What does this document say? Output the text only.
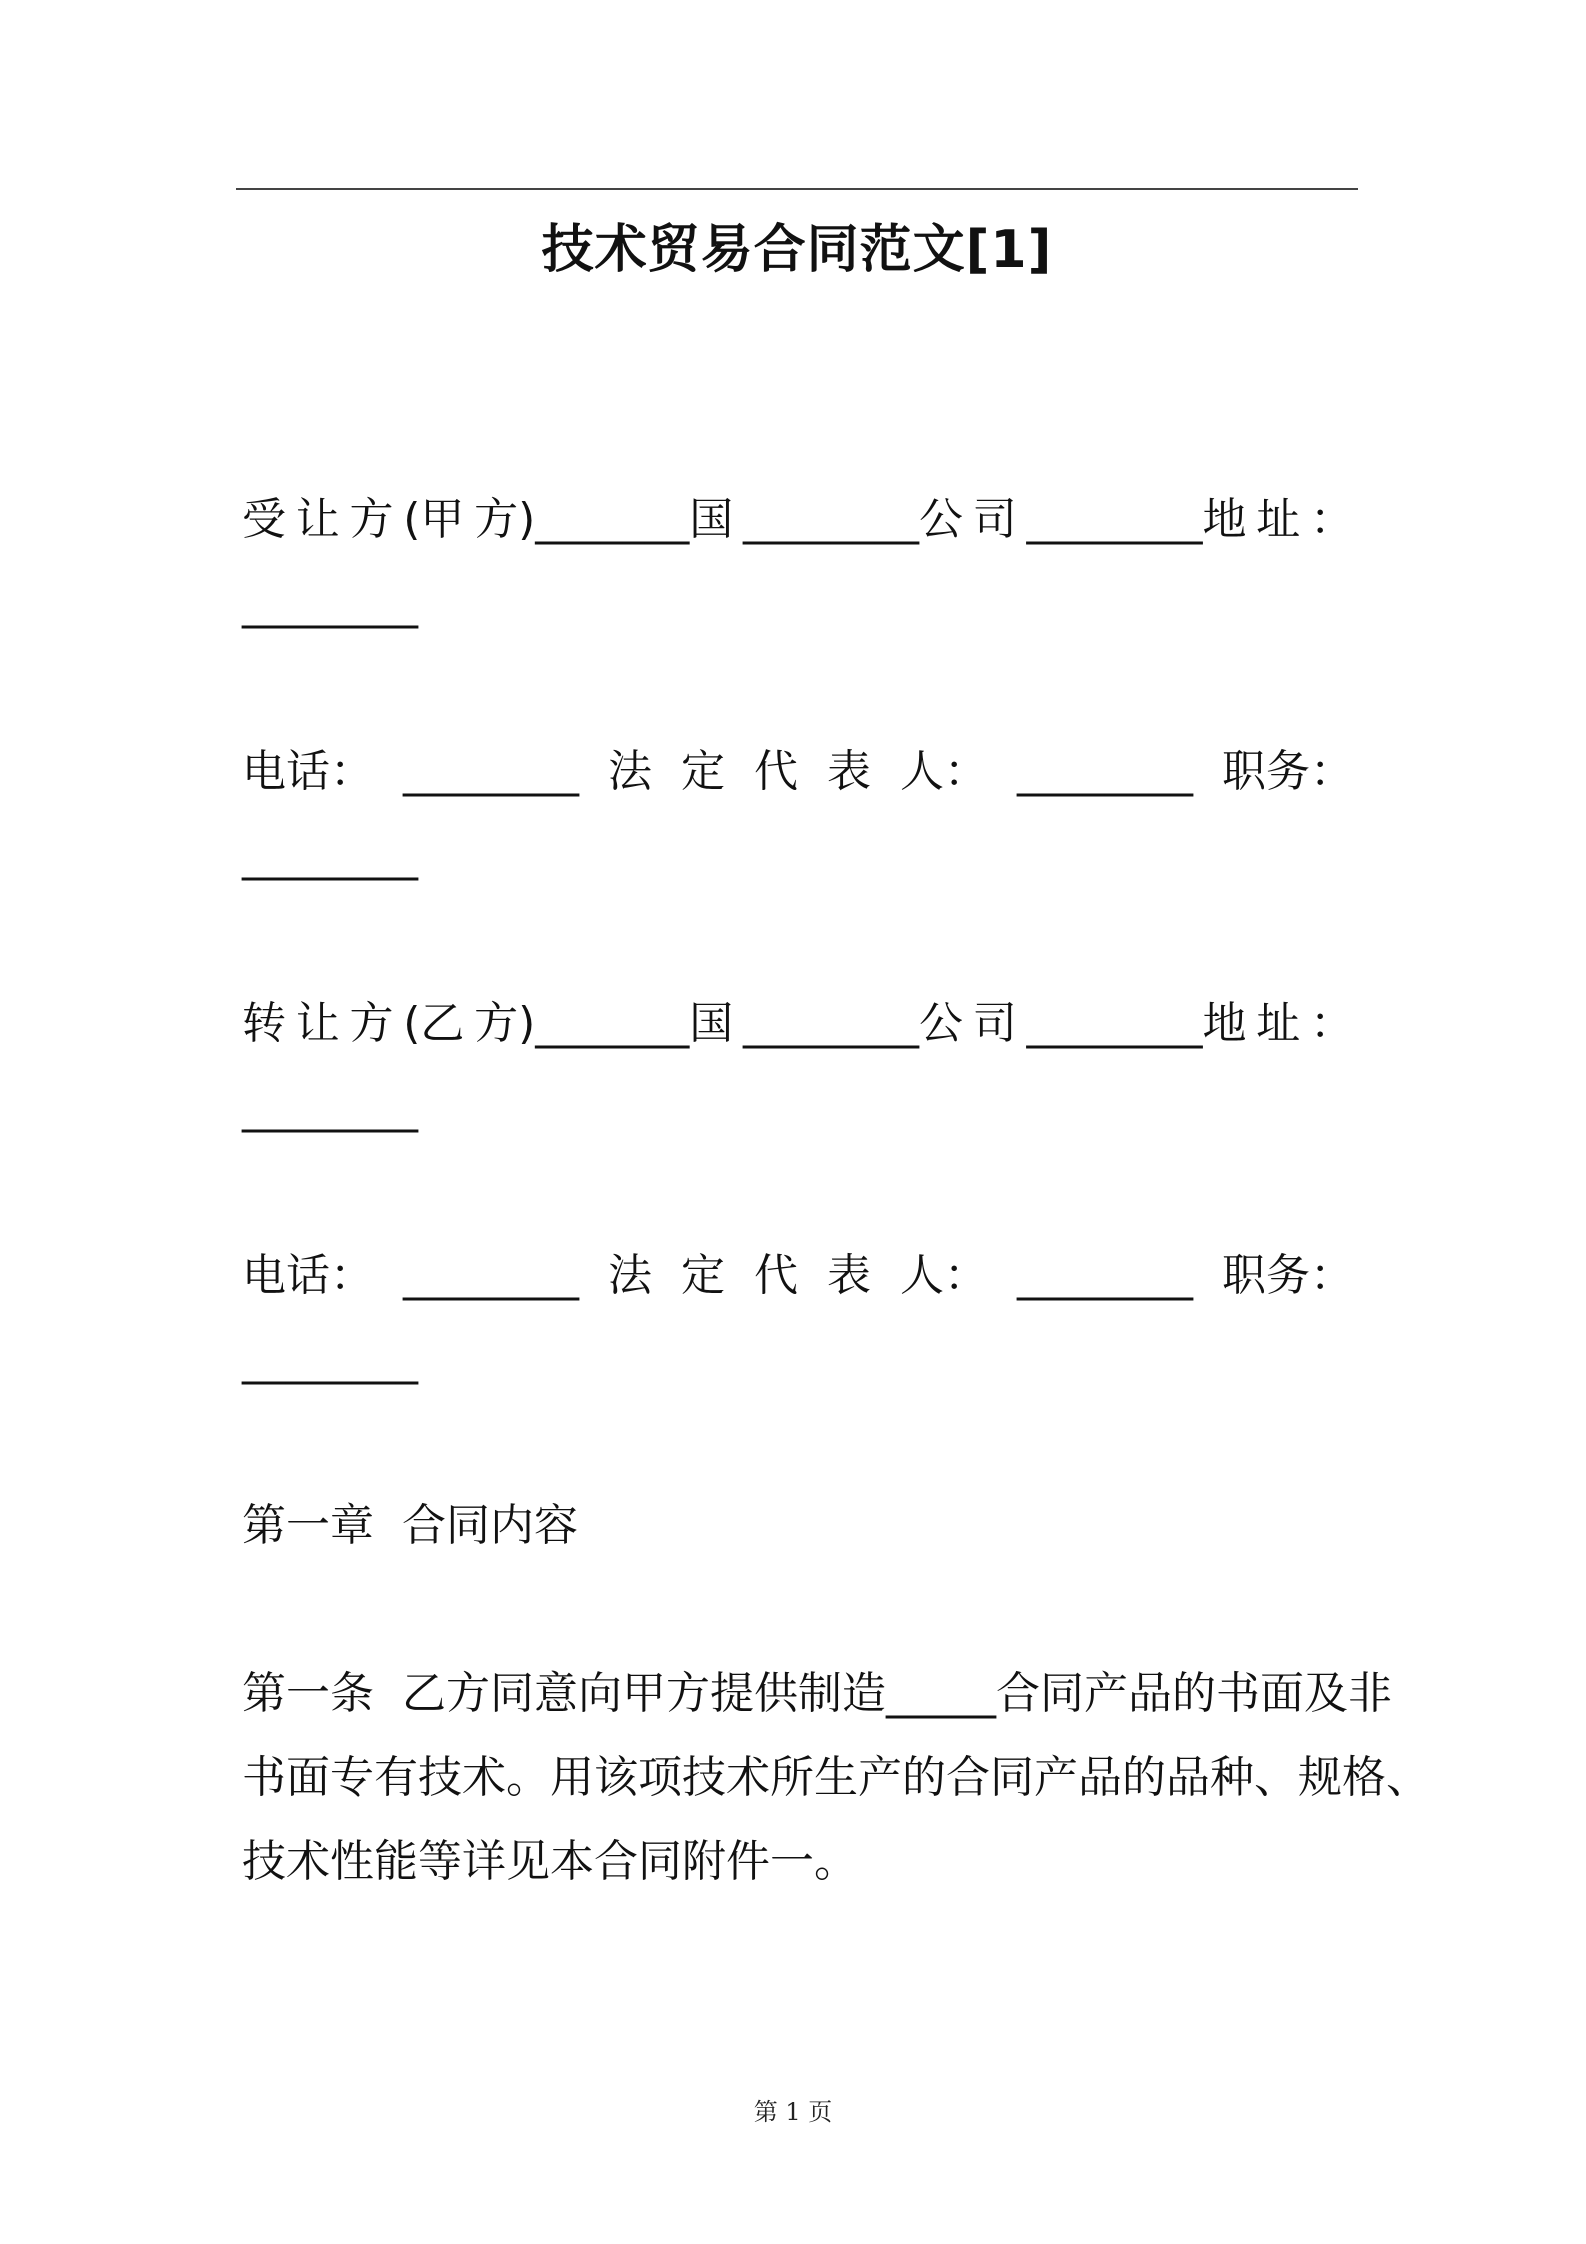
技术贸易合同范文[1]
受 让 方 (甲 方)_______国 ________公 司 ________地 址 ：
________
电话： ________ 法 定 代 表 人： ________ 职务：
________
转 让 方 (乙 方)_______国 ________公 司 ________地 址 ：
________
电话： ________ 法 定 代 表 人： ________ 职务：
________
第一章  合同内容
第一条  乙方同意向甲方提供制造_____合同产品的书面及非
书面专有技术。用该项技术所生产的合同产品的品种、规格、
技术性能等详见本合同附件一。
第 1 页
